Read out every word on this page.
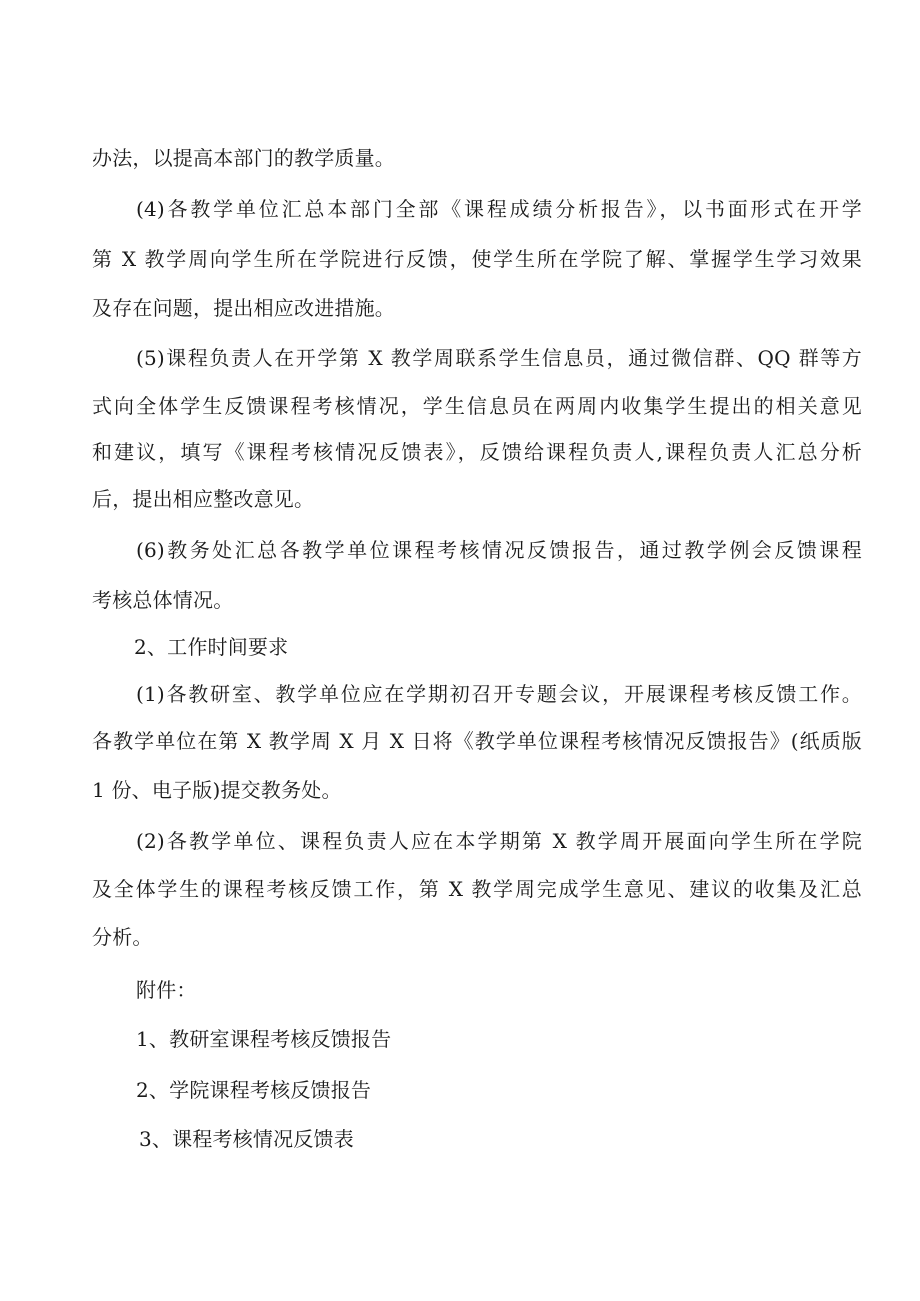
办法，以提高本部门的教学质量。
(4)各教学单位汇总本部门全部《课程成绩分析报告》，以书面形式在开学
第 X 教学周向学生所在学院进行反馈，使学生所在学院了解、掌握学生学习效果
及存在问题，提出相应改进措施。
(5)课程负责人在开学第 X 教学周联系学生信息员，通过微信群、QQ 群等方
式向全体学生反馈课程考核情况，学生信息员在两周内收集学生提出的相关意见
和建议，填写《课程考核情况反馈表》，反馈给课程负责人,课程负责人汇总分析
后，提出相应整改意见。
(6)教务处汇总各教学单位课程考核情况反馈报告，通过教学例会反馈课程
考核总体情况。
2、工作时间要求
(1)各教研室、教学单位应在学期初召开专题会议，开展课程考核反馈工作。
各教学单位在第 X 教学周 X 月 X 日将《教学单位课程考核情况反馈报告》(纸质版
1 份、电子版)提交教务处。
(2)各教学单位、课程负责人应在本学期第 X 教学周开展面向学生所在学院
及全体学生的课程考核反馈工作，第 X 教学周完成学生意见、建议的收集及汇总
分析。
附件：
1、教研室课程考核反馈报告
2、学院课程考核反馈报告
3、课程考核情况反馈表
